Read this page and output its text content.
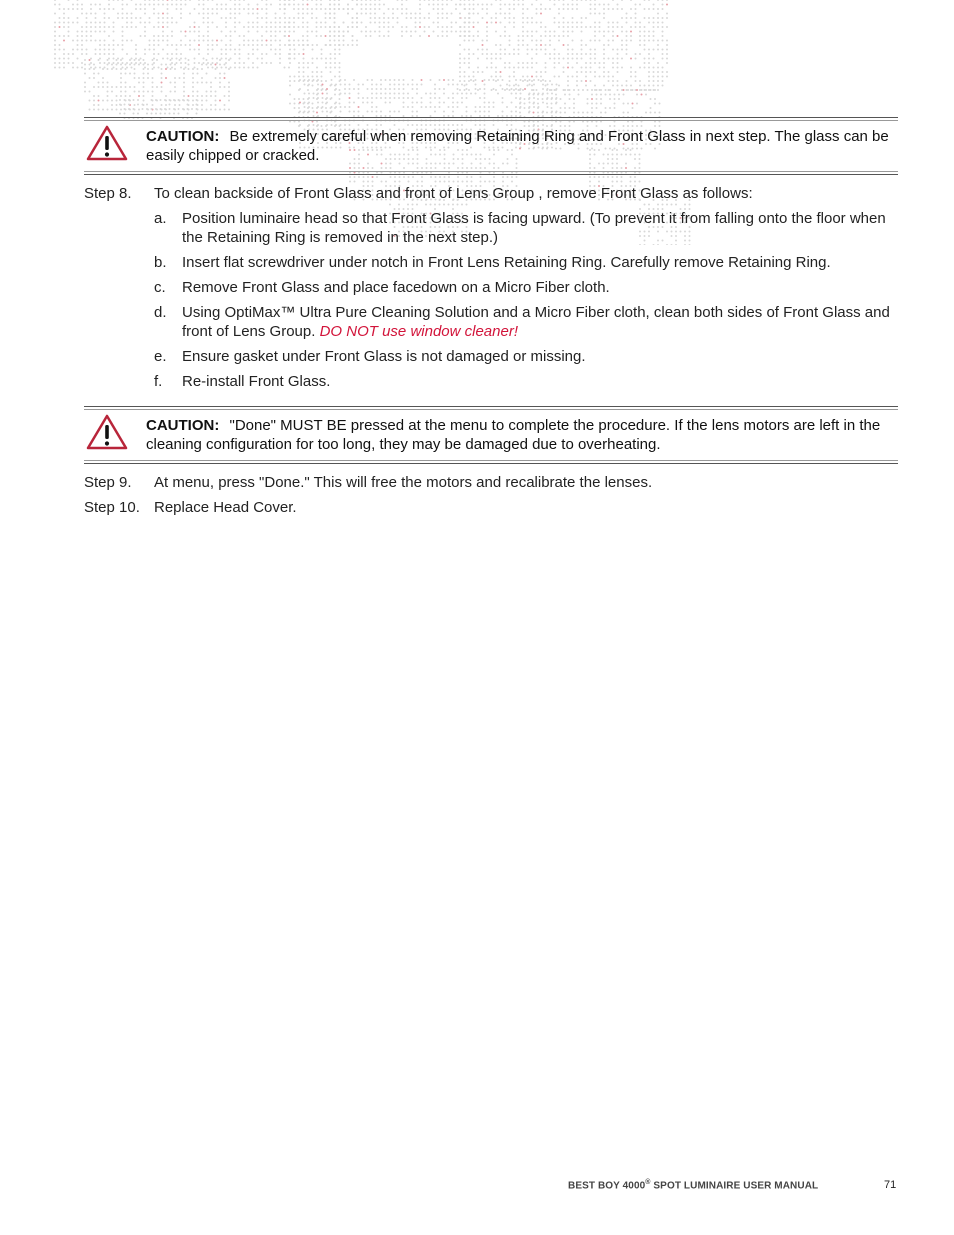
CAUTION: Be extremely careful when removing Retaining Ring and Front Glass in next step. The glass can be easily chipped or cracked.
Step 8. To clean backside of Front Glass and front of Lens Group , remove Front Glass as follows:
a. Position luminaire head so that Front Glass is facing upward. (To prevent it from falling onto the floor when the Retaining Ring is removed in the next step.)
b. Insert flat screwdriver under notch in Front Lens Retaining Ring. Carefully remove Retaining Ring.
c. Remove Front Glass and place facedown on a Micro Fiber cloth.
d. Using OptiMax™ Ultra Pure Cleaning Solution and a Micro Fiber cloth, clean both sides of Front Glass and front of Lens Group. DO NOT use window cleaner!
e. Ensure gasket under Front Glass is not damaged or missing.
f. Re-install Front Glass.
CAUTION: "Done" MUST BE pressed at the menu to complete the procedure. If the lens motors are left in the cleaning configuration for too long, they may be damaged due to overheating.
Step 9. At menu, press "Done." This will free the motors and recalibrate the lenses.
Step 10. Replace Head Cover.
BEST BOY 4000® SPOT LUMINAIRE USER MANUAL	71
